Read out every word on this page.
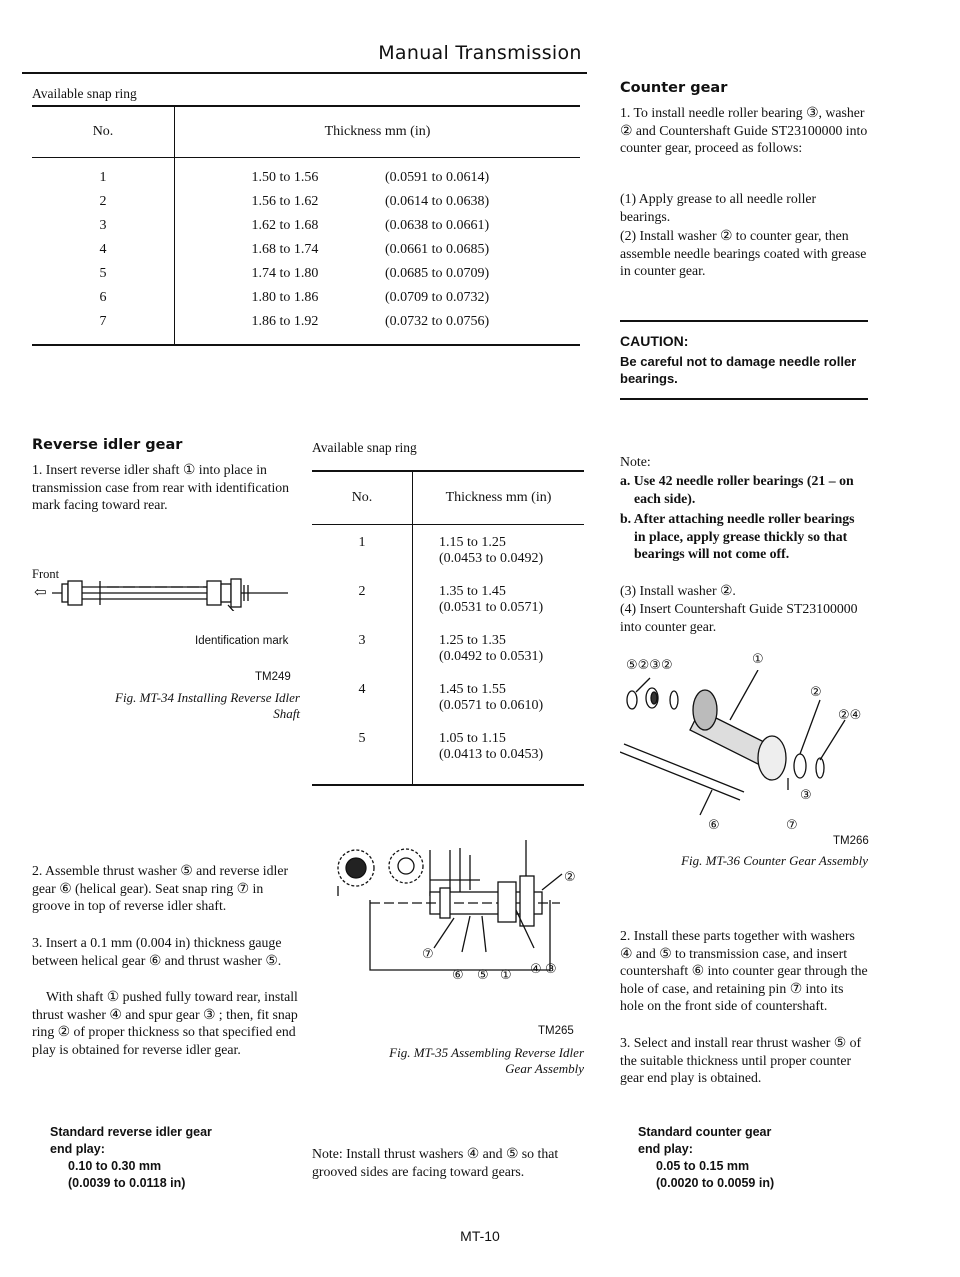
Manual Transmission
Available snap ring
No.	Thickness mm (in)	
1	1.50 to 1.56	(0.0591 to 0.0614)
2	1.56 to 1.62	(0.0614 to 0.0638)
3	1.62 to 1.68	(0.0638 to 0.0661)
4	1.68 to 1.74	(0.0661 to 0.0685)
5	1.74 to 1.80	(0.0685 to 0.0709)
6	1.80 to 1.86	(0.0709 to 0.0732)
7	1.86 to 1.92	(0.0732 to 0.0756)
Reverse idler gear
1. Insert reverse idler shaft ① into place in transmission case from rear with identification mark facing toward rear.
Front
⇦
Identification mark
TM249
Fig. MT-34 Installing Reverse Idler
Shaft
2. Assemble thrust washer ⑤ and reverse idler gear ⑥ (helical gear). Seat snap ring ⑦ in groove in top of reverse idler shaft.
3. Insert a 0.1 mm (0.004 in) thickness gauge between helical gear ⑥ and thrust washer ⑤.
With shaft ① pushed fully toward rear, install thrust washer ④ and spur gear ③ ; then, fit snap ring ② of proper thickness so that specified end play is obtained for reverse idler gear.
Standard reverse idler gear
end play:
0.10 to 0.30 mm
(0.0039 to 0.0118 in)
Available snap ring
No.	Thickness mm (in)
1	1.15 to 1.25
(0.0453 to 0.0492)

2	1.35 to 1.45
(0.0531 to 0.0571)

3	1.25 to 1.35
(0.0492 to 0.0531)

4	1.45 to 1.55
(0.0571 to 0.0610)

5	1.05 to 1.15
(0.0413 to 0.0453)
②
⑦
⑥ ⑤ ① ④ ③
TM265
Fig. MT-35 Assembling Reverse Idler
Gear Assembly
Note: Install thrust washers ④ and ⑤ so that grooved sides are facing toward gears.
MT-10
Counter gear
1. To install needle roller bearing ③, washer ② and Countershaft Guide ST23100000 into counter gear, proceed as follows:
(1) Apply grease to all needle roller bearings.
(2) Install washer ② to counter gear, then assemble needle bearings coated with grease in counter gear.
CAUTION:
Be careful not to damage needle roller bearings.
Note:
a. Use 42 needle roller bearings (21 – on each side).
b. After attaching needle roller bearings in place, apply grease thickly so that bearings will not come off.
(3) Install washer ②.
(4) Insert Countershaft Guide ST23100000 into counter gear.
⑤②③②	①
②
②④
③
⑥	⑦
TM266
Fig. MT-36 Counter Gear Assembly
2. Install these parts together with washers ④ and ⑤ to transmission case, and insert countershaft ⑥ into counter gear through the hole of case, and retaining pin ⑦ into its hole on the front side of countershaft.
3. Select and install rear thrust washer ⑤ of the suitable thickness until proper counter gear end play is obtained.
Standard counter gear
end play:
0.05 to 0.15 mm
(0.0020 to 0.0059 in)
